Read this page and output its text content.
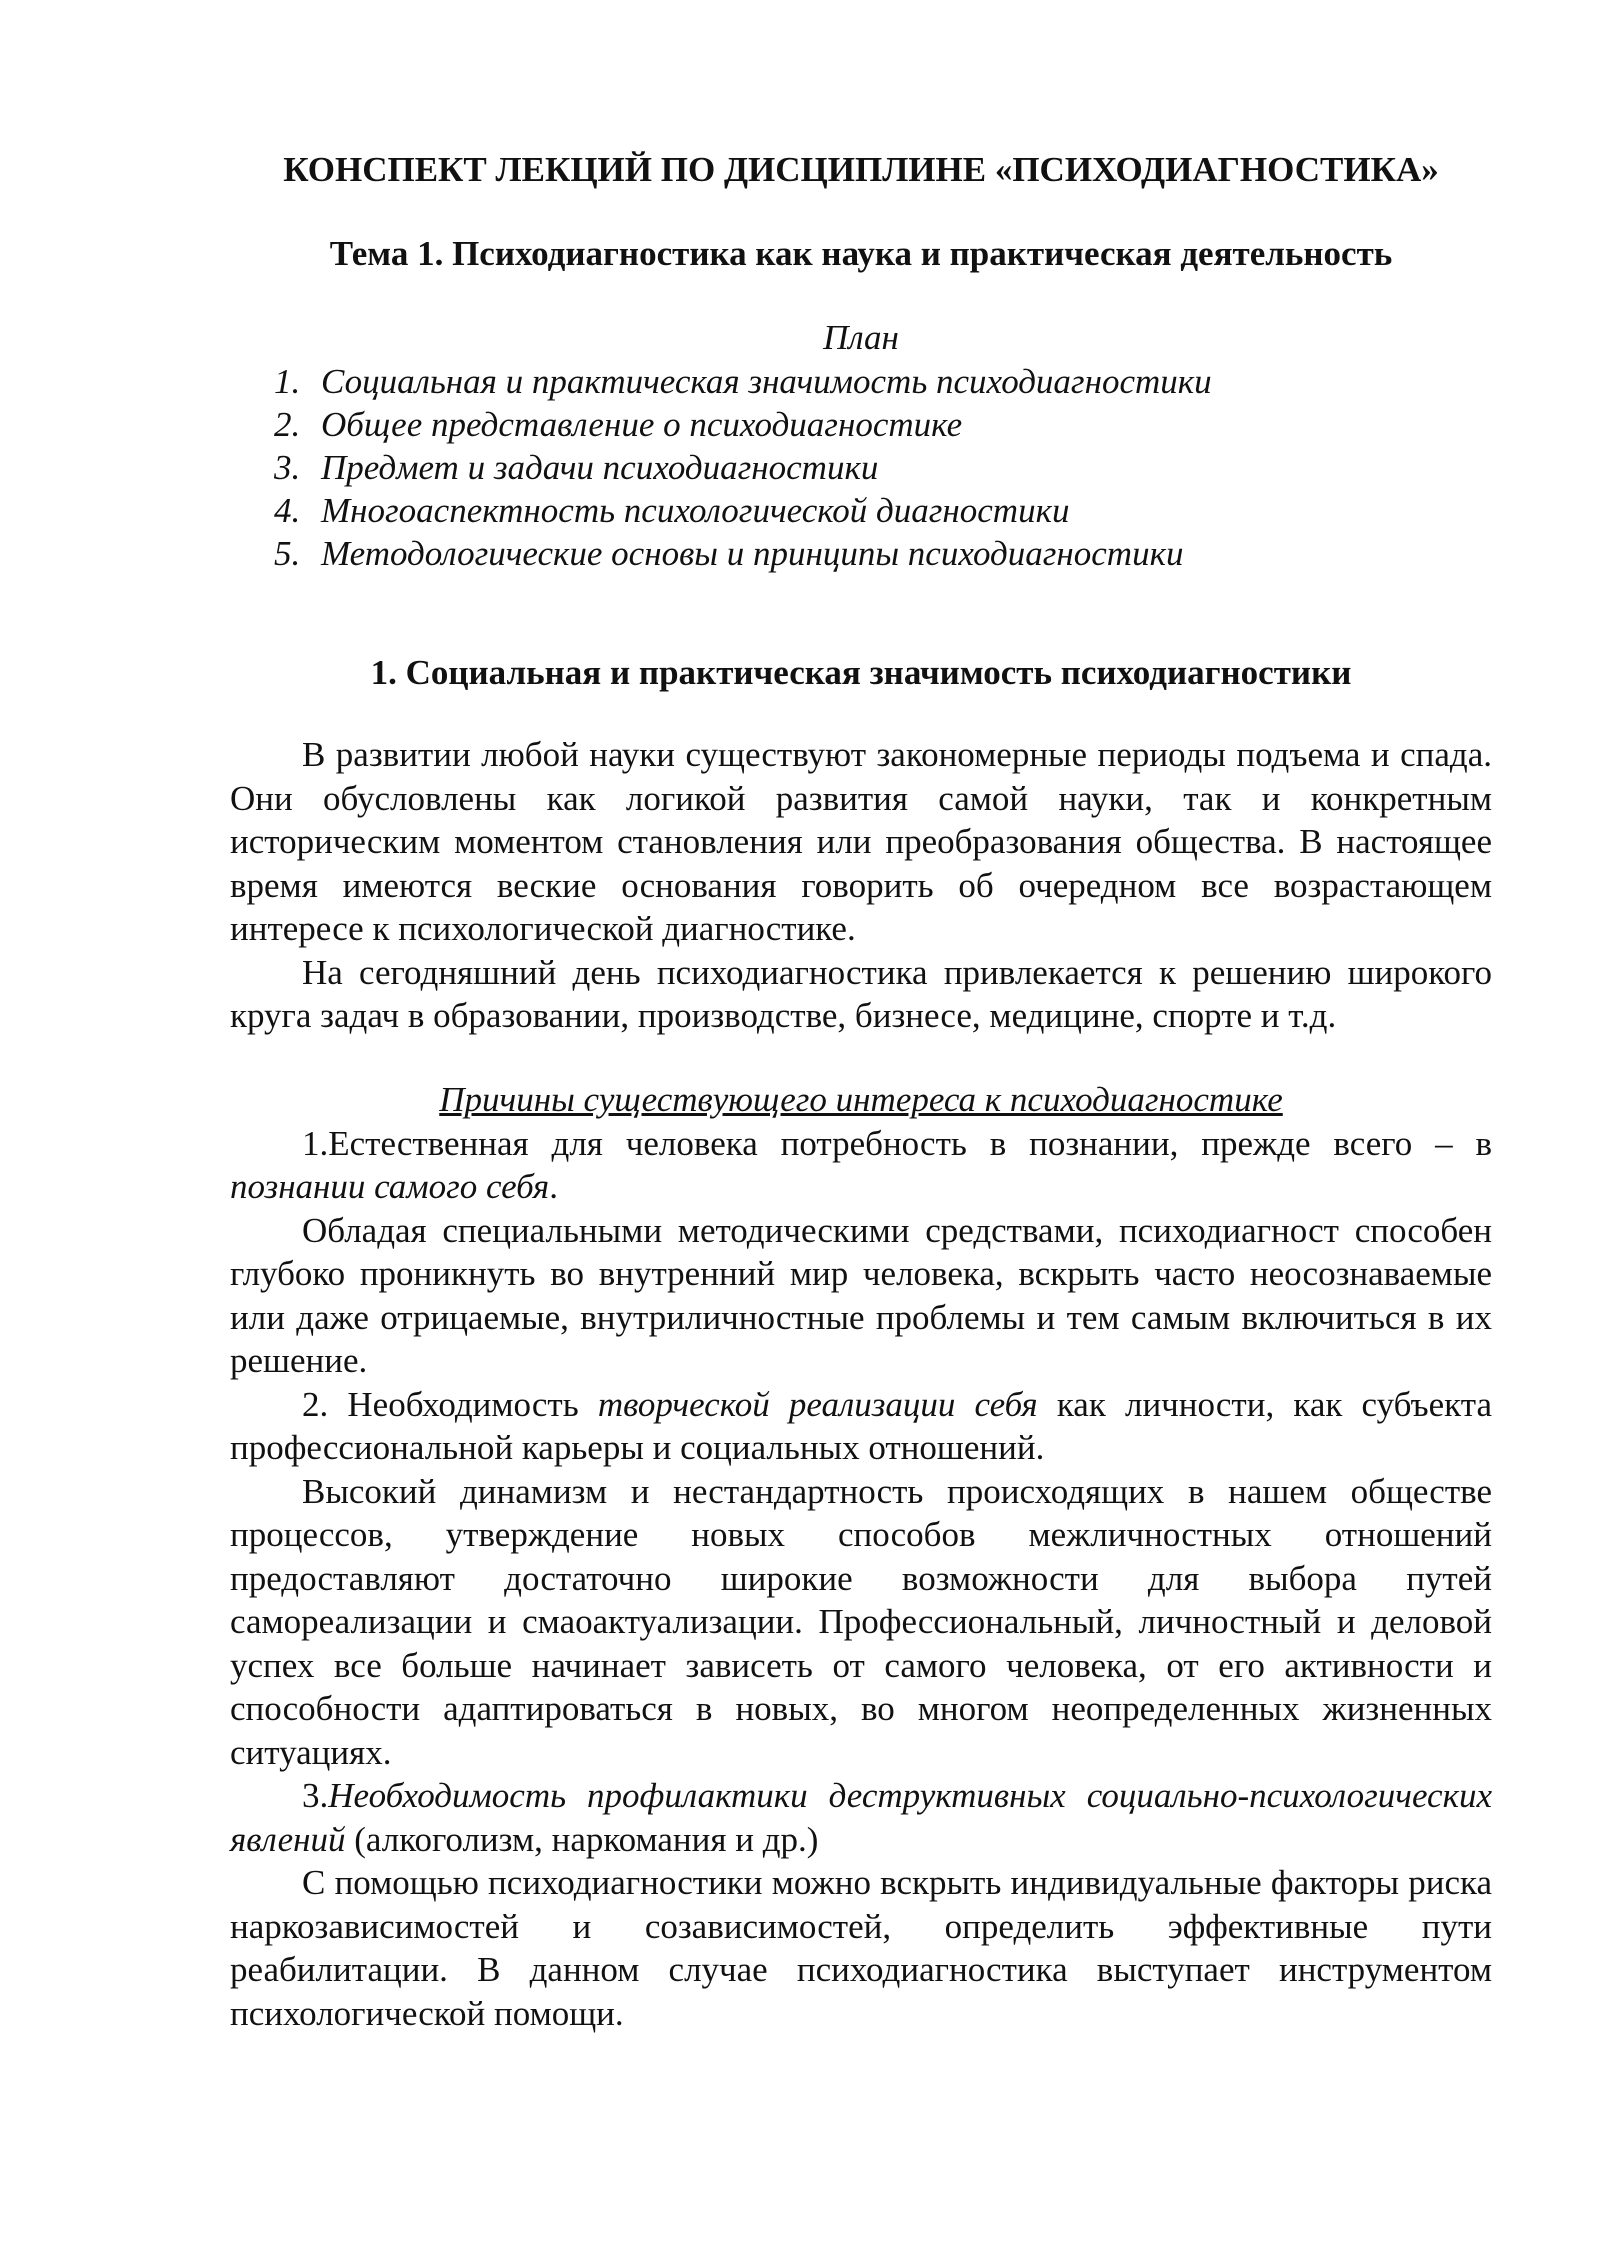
КОНСПЕКТ ЛЕКЦИЙ ПО ДИСЦИПЛИНЕ «ПСИХОДИАГНОСТИКА»
Тема 1. Психодиагностика как наука и практическая деятельность
План
1. Социальная и практическая значимость психодиагностики
2. Общее представление о психодиагностике
3. Предмет и задачи психодиагностики
4. Многоаспектность психологической диагностики
5. Методологические основы и принципы психодиагностики
1. Социальная и практическая значимость психодиагностики

В развитии любой науки существуют закономерные периоды подъема и спада. Они обусловлены как логикой развития самой науки, так и конкретным историческим моментом становления или преобразования общества. В настоящее время имеются веские основания говорить об очередном все возрастающем интересе к психологической диагностике.

На сегодняшний день психодиагностика привлекается к решению широкого круга задач в образовании, производстве, бизнесе, медицине, спорте и т.д.

Причины существующего интереса к психодиагностике

1.Естественная для человека потребность в познании, прежде всего – в познании самого себя.

Обладая специальными методическими средствами, психодиагност способен глубоко проникнуть во внутренний мир человека, вскрыть часто неосознаваемые или даже отрицаемые, внутриличностные проблемы и тем самым включиться в их решение.

2. Необходимость творческой реализации себя как личности, как субъекта профессиональной карьеры и социальных отношений.

Высокий динамизм и нестандартность происходящих в нашем обществе процессов, утверждение новых способов межличностных отношений предоставляют достаточно широкие возможности для выбора путей самореализации и смаоактуализации. Профессиональный, личностный и деловой успех все больше начинает зависеть от самого человека, от его активности и способности адаптироваться в новых, во многом неопределенных жизненных ситуациях.

3.Необходимость профилактики деструктивных социально-психологических явлений (алкоголизм, наркомания и др.)

С помощью психодиагностики можно вскрыть индивидуальные факторы риска наркозависимостей и созависимостей, определить эффективные пути реабилитации. В данном случае психодиагностика выступает инструментом психологической помощи.
